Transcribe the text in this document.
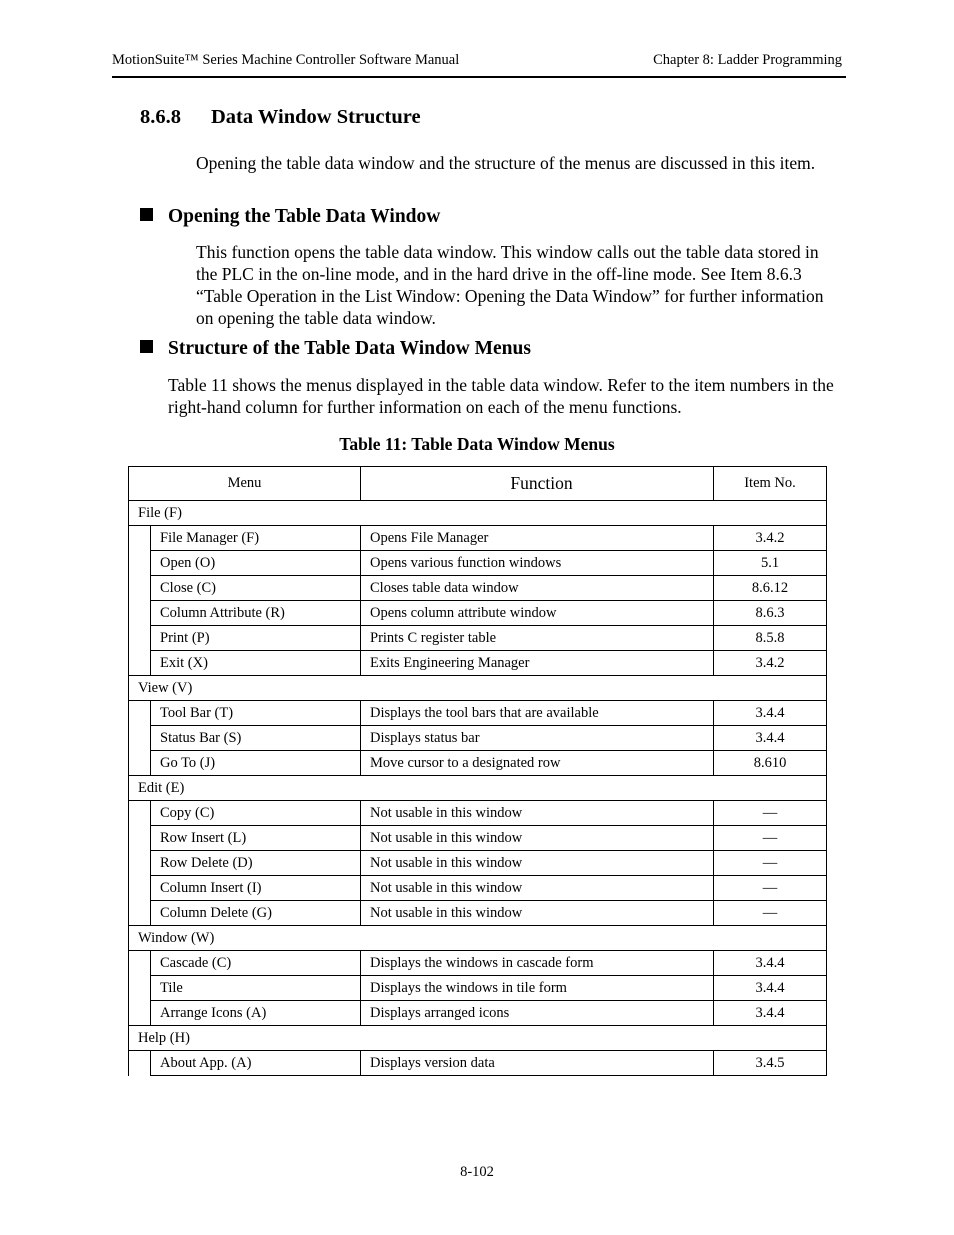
MotionSuite™ Series Machine Controller Software Manual	Chapter 8: Ladder Programming
8.6.8 Data Window Structure
Opening the table data window and the structure of the menus are discussed in this item.
Opening the Table Data Window
This function opens the table data window. This window calls out the table data stored in the PLC in the on-line mode, and in the hard drive in the off-line mode. See Item 8.6.3 “Table Operation in the List Window: Opening the Data Window” for further information on opening the table data window.
Structure of the Table Data Window Menus
Table 11 shows the menus displayed in the table data window. Refer to the item numbers in the right-hand column for further information on each of the menu functions.
Table 11: Table Data Window Menus
Menu		Function	Item No.
File (F)			
	File Manager (F)	Opens File Manager	3.4.2
	Open (O)	Opens various function windows	5.1
	Close (C)	Closes table data window	8.6.12
	Column Attribute (R)	Opens column attribute window	8.6.3
	Print (P)	Prints C register table	8.5.8
	Exit (X)	Exits Engineering Manager	3.4.2
View (V)			
	Tool Bar (T)	Displays the tool bars that are available	3.4.4
	Status Bar (S)	Displays status bar	3.4.4
	Go To (J)	Move cursor to a designated row	8.610
Edit (E)			
	Copy (C)	Not usable in this window	—
	Row Insert (L)	Not usable in this window	—
	Row Delete (D)	Not usable in this window	—
	Column Insert (I)	Not usable in this window	—
	Column Delete (G)	Not usable in this window	—
Window (W)			
	Cascade (C)	Displays the windows in cascade form	3.4.4
	Tile	Displays the windows in tile form	3.4.4
	Arrange Icons (A)	Displays arranged icons	3.4.4
Help (H)			
	About App. (A)	Displays version data	3.4.5
8-102
